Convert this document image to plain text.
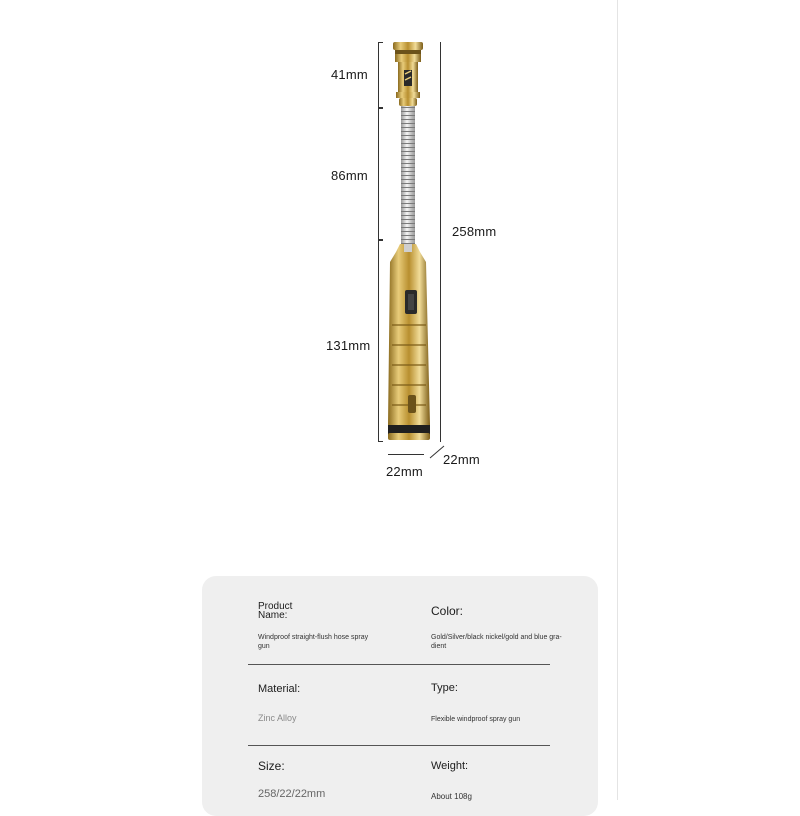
41mm
86mm
131mm
258mm
22mm
22mm
Product Name:
Windproof straight-flush hose spray gun
Color:
Gold/Silver/black nickel/gold and blue gra-dient
Material:
Zinc Alloy
Type:
Flexible windproof spray gun
Size:
258/22/22mm
Weight:
About 108g
